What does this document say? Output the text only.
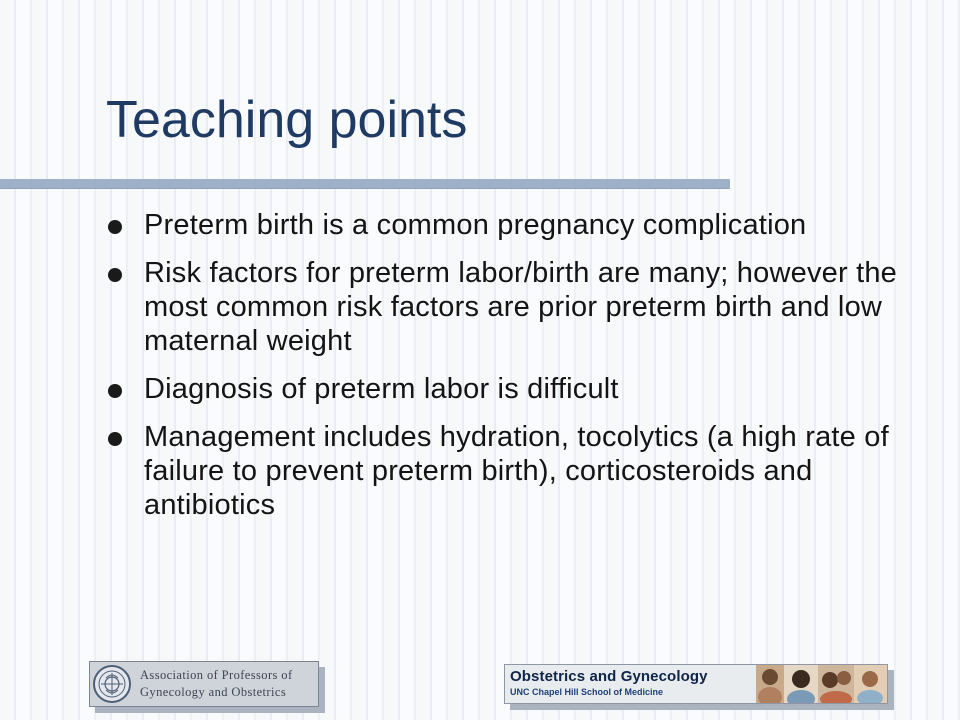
Teaching points
Preterm birth is a common pregnancy complication
Risk factors for preterm labor/birth are many; however the most common risk factors are prior preterm birth and low maternal weight
Diagnosis of preterm labor is difficult
Management includes hydration, tocolytics (a high rate of failure to prevent preterm birth), corticosteroids and antibiotics
Association of Professors of
Gynecology and Obstetrics
Obstetrics and Gynecology
UNC Chapel Hill School of Medicine
